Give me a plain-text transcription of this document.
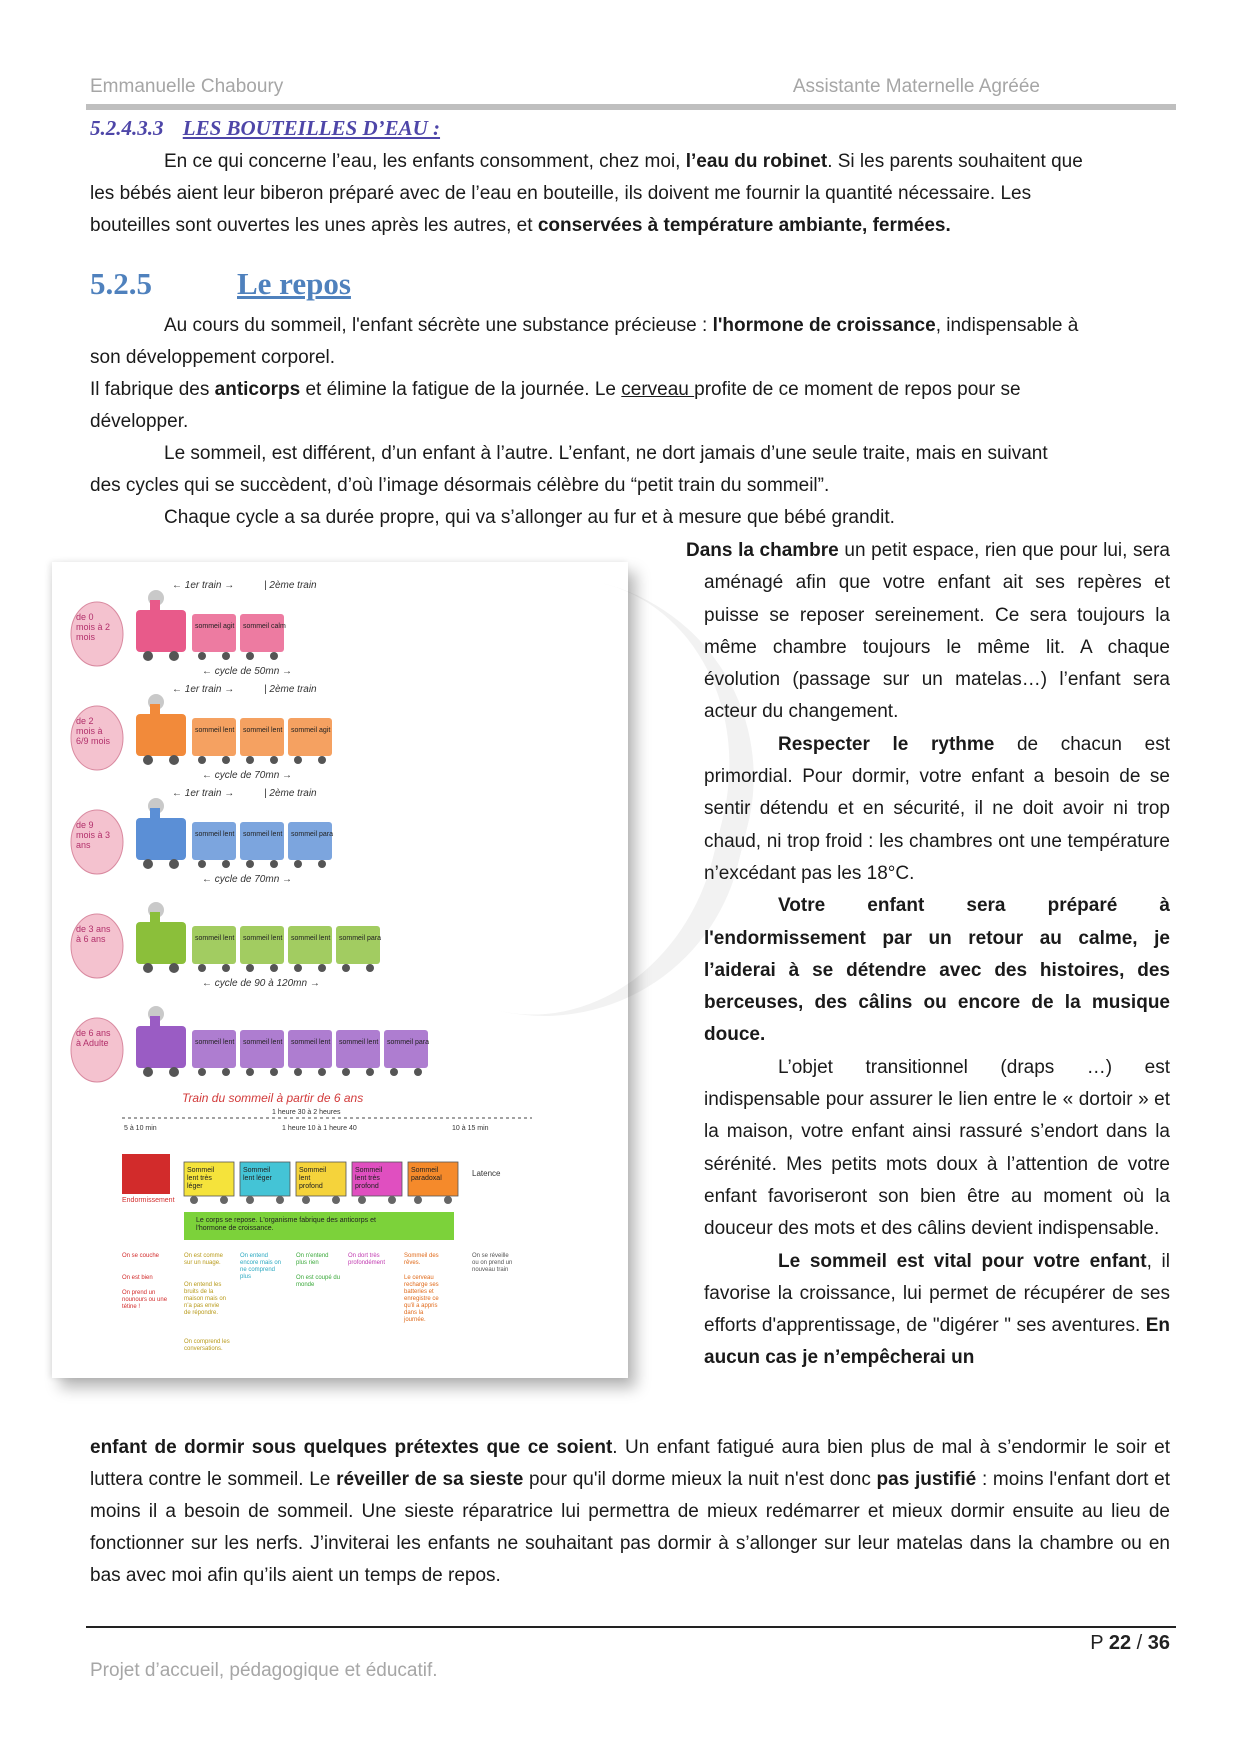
Emmanuelle Chaboury	Assistante Maternelle Agréée
5.2.4.3.3 LES BOUTEILLES D’EAU :
En ce qui concerne l’eau, les enfants consomment, chez moi, l’eau du robinet. Si les parents souhaitent que
les bébés aient leur biberon préparé avec de l’eau en bouteille, ils doivent me fournir la quantité nécessaire. Les
bouteilles sont ouvertes les unes après les autres, et conservées à température ambiante, fermées.
5.2.5	Le repos
Au cours du sommeil, l'enfant sécrète une substance précieuse : l'hormone de croissance, indispensable à
son développement corporel.
Il fabrique des anticorps et élimine la fatigue de la journée. Le cerveau profite de ce moment de repos pour se
développer.
Le sommeil, est différent, d’un enfant à l’autre. L’enfant, ne dort jamais d’une seule traite, mais en suivant
des cycles qui se succèdent, d’où l’image désormais célèbre du “petit train du sommeil”.
Chaque cycle a sa durée propre, qui va s’allonger au fur et à mesure que bébé grandit.
de 0
mois à 2
mois
← 1er train →	| 2ème train
sommeil agit sommeil calm
← cycle de 50mn →
de 2
mois à
6/9 mois
← 1er train →	| 2ème train
sommeil lent sommeil lent sommeil agit
← cycle de 70mn →
de 9
mois à 3
ans
← 1er train →	| 2ème train
sommeil lent sommeil lent sommeil para
← cycle de 70mn →
de 3 ans
à 6 ans	sommeil lent sommeil lent sommeil lent sommeil para
← cycle de 90 à 120mn →
de 6 ans
à Adulte	sommeil lent sommeil lent sommeil lent sommeil lent sommeil para
Train du sommeil à partir de 6 ans
5 à 10 min
1 heure 30 à 2 heures
1 heure 10 à 1 heure 40	10 à 15 min
Endormissement
Sommeil
lent très
léger
Sommeil
lent léger
Sommeil
lent
profond
Sommeil
lent très
profond
Sommeil
paradoxal
Latence
Le corps se repose. L'organisme fabrique des anticorps et
l'hormone de croissance.
On se couche
On est bien
On prend un
nounours ou une
tétine !
On est comme
sur un nuage.
On entend les
bruits de la
maison mais on
n'a pas envie
de répondre.
On comprend les
conversations.
On entend
encore mais on
ne comprend
plus
On n'entend
plus rien
On est coupé du
monde
On dort très
profondément
Sommeil des
rêves.
Le cerveau
recharge ses
batteries et
enregistre ce
qu'il a appris
dans la
journée.
On se réveille
ou on prend un
nouveau train

Dans la chambre un petit espace, rien que pour lui, sera aménagé afin que votre enfant ait ses repères et puisse se reposer sereinement. Ce sera toujours la même chambre toujours le même lit. A chaque évolution (passage sur un matelas…) l’enfant sera acteur du changement.

Respecter le rythme de chacun est primordial. Pour dormir, votre enfant a besoin de se sentir détendu et en sécurité, il ne doit avoir ni trop chaud, ni trop froid : les chambres ont une température n’excédant pas les 18°C.

Votre enfant sera préparé à l'endormissement par un retour au calme, je l’aiderai à se détendre avec des histoires, des berceuses, des câlins ou encore de la musique douce.

L’objet transitionnel (draps …) est indispensable pour assurer le lien entre le « dortoir » et la maison, votre enfant ainsi rassuré s’endort dans la sérénité. Mes petits mots doux à l’attention de votre enfant favoriseront son bien être au moment où la douceur des mots et des câlins devient indispensable.

Le sommeil est vital pour votre enfant, il favorise la croissance, lui permet de récupérer de ses efforts d'apprentissage, de "digérer " ses aventures. En aucun cas je n’empêcherai un

enfant de dormir sous quelques prétextes que ce soient. Un enfant fatigué aura bien plus de mal à s’endormir le soir et luttera contre le sommeil. Le réveiller de sa sieste pour qu'il dorme mieux la nuit n'est donc pas justifié : moins l'enfant dort et moins il a besoin de sommeil. Une sieste réparatrice lui permettra de mieux redémarrer et mieux dormir ensuite au lieu de fonctionner sur les nerfs. J’inviterai les enfants ne souhaitant pas dormir à s’allonger sur leur matelas dans la chambre ou en bas avec moi afin qu’ils aient un temps de repos.
P 22 / 36
Projet d’accueil, pédagogique et éducatif.
